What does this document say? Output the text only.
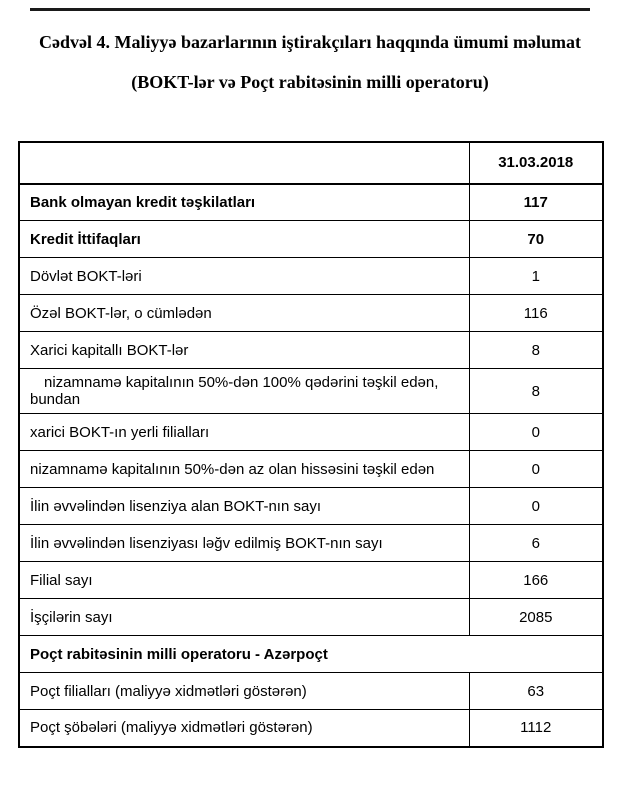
Cədvəl 4. Maliyyə bazarlarının iştirakçıları haqqında ümumi məlumat
(BOKT-lər və Poçt rabitəsinin milli operatoru)
	31.03.2018
Bank olmayan kredit təşkilatları	117
Kredit İttifaqları	70
Dövlət BOKT-ləri	1
Özəl BOKT-lər, o cümlədən	116
Xarici kapitallı BOKT-lər	8
nizamnamə kapitalının 50%-dən 100% qədərini təşkil edən, bundan	8
xarici BOKT-ın yerli filialları	0
nizamnamə kapitalının 50%-dən az olan hissəsini təşkil edən	0
İlin əvvəlindən lisenziya alan BOKT-nın sayı	0
İlin əvvəlindən lisenziyası ləğv edilmiş BOKT-nın sayı	6
Filial sayı	166
İşçilərin sayı	2085
Poçt rabitəsinin milli operatoru - Azərpoçt	
Poçt filialları (maliyyə xidmətləri göstərən)	63
Poçt şöbələri (maliyyə xidmətləri göstərən)	1112
